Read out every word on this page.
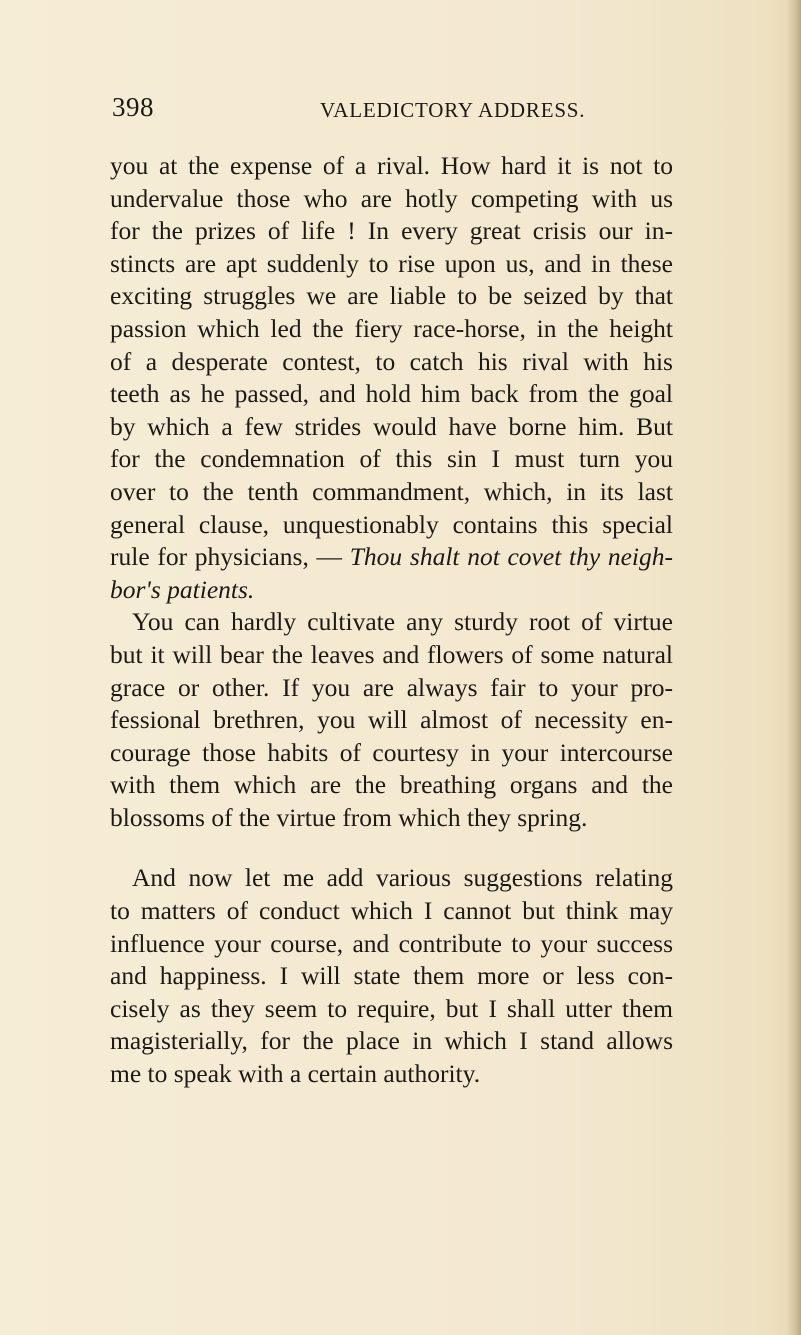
398	VALEDICTORY ADDRESS.
you at the expense of a rival. How hard it is not to
undervalue those who are hotly competing with us
for the prizes of life ! In every great crisis our in-
stincts are apt suddenly to rise upon us, and in these
exciting struggles we are liable to be seized by that
passion which led the fiery race-horse, in the height
of a desperate contest, to catch his rival with his
teeth as he passed, and hold him back from the goal
by which a few strides would have borne him. But
for the condemnation of this sin I must turn you
over to the tenth commandment, which, in its last
general clause, unquestionably contains this special
rule for physicians, — Thou shalt not covet thy neigh-
bor's patients.
You can hardly cultivate any sturdy root of virtue
but it will bear the leaves and flowers of some natural
grace or other. If you are always fair to your pro-
fessional brethren, you will almost of necessity en-
courage those habits of courtesy in your intercourse
with them which are the breathing organs and the
blossoms of the virtue from which they spring.
And now let me add various suggestions relating
to matters of conduct which I cannot but think may
influence your course, and contribute to your success
and happiness. I will state them more or less con-
cisely as they seem to require, but I shall utter them
magisterially, for the place in which I stand allows
me to speak with a certain authority.
